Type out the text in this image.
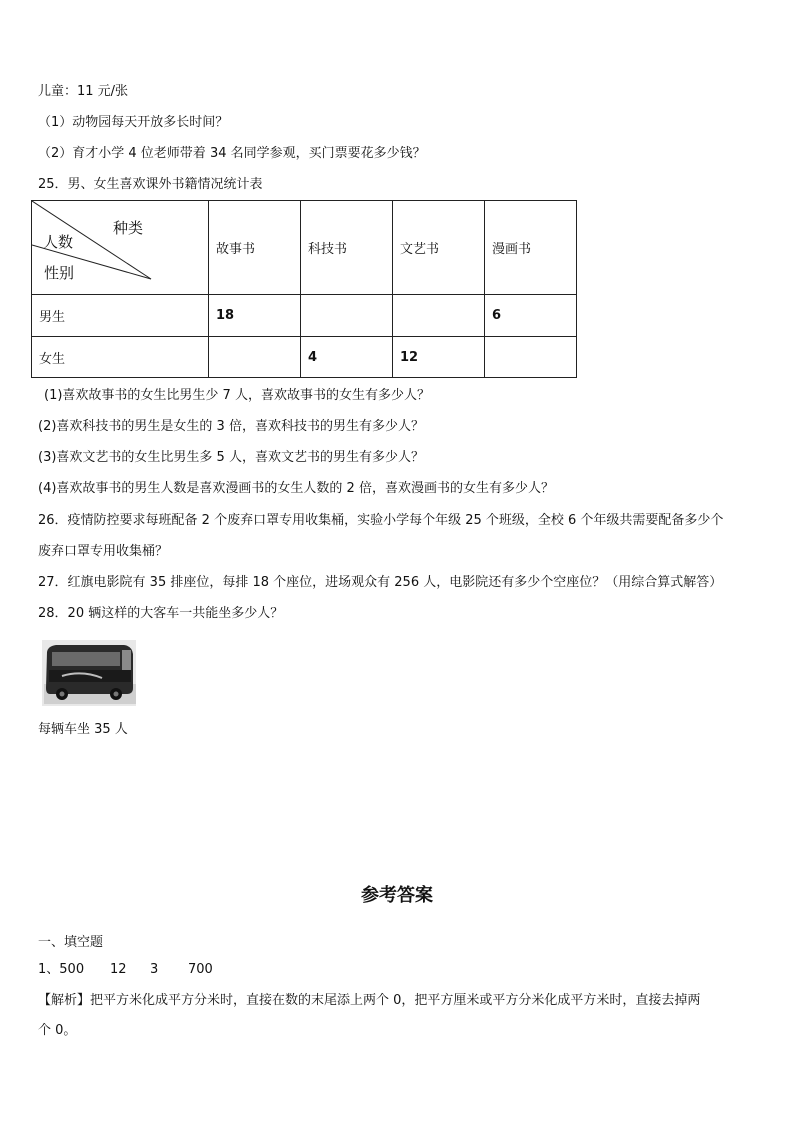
儿童：11 元/张
（1）动物园每天开放多长时间？
（2）育才小学 4 位老师带着 34 名同学参观，买门票要花多少钱？
25．男、女生喜欢课外书籍情况统计表
种类
人数
性别	故事书	科技书	文艺书	漫画书
男生	18			6
女生		4	12	
(1)喜欢故事书的女生比男生少 7 人，喜欢故事书的女生有多少人？
(2)喜欢科技书的男生是女生的 3 倍，喜欢科技书的男生有多少人？
(3)喜欢文艺书的女生比男生多 5 人，喜欢文艺书的男生有多少人？
(4)喜欢故事书的男生人数是喜欢漫画书的女生人数的 2 倍，喜欢漫画书的女生有多少人？
26．疫情防控要求每班配备 2 个废弃口罩专用收集桶，实验小学每个年级 25 个班级，全校 6 个年级共需要配备多少个
废弃口罩专用收集桶？
27．红旗电影院有 35 排座位，每排 18 个座位，进场观众有 256 人，电影院还有多少个空座位？（用综合算式解答）
28．20 辆这样的大客车一共能坐多少人？
每辆车坐 35 人
参考答案
一、填空题
1、500 12 3 700
【解析】把平方米化成平方分米时，直接在数的末尾添上两个 0，把平方厘米或平方分米化成平方米时，直接去掉两
个 0。
